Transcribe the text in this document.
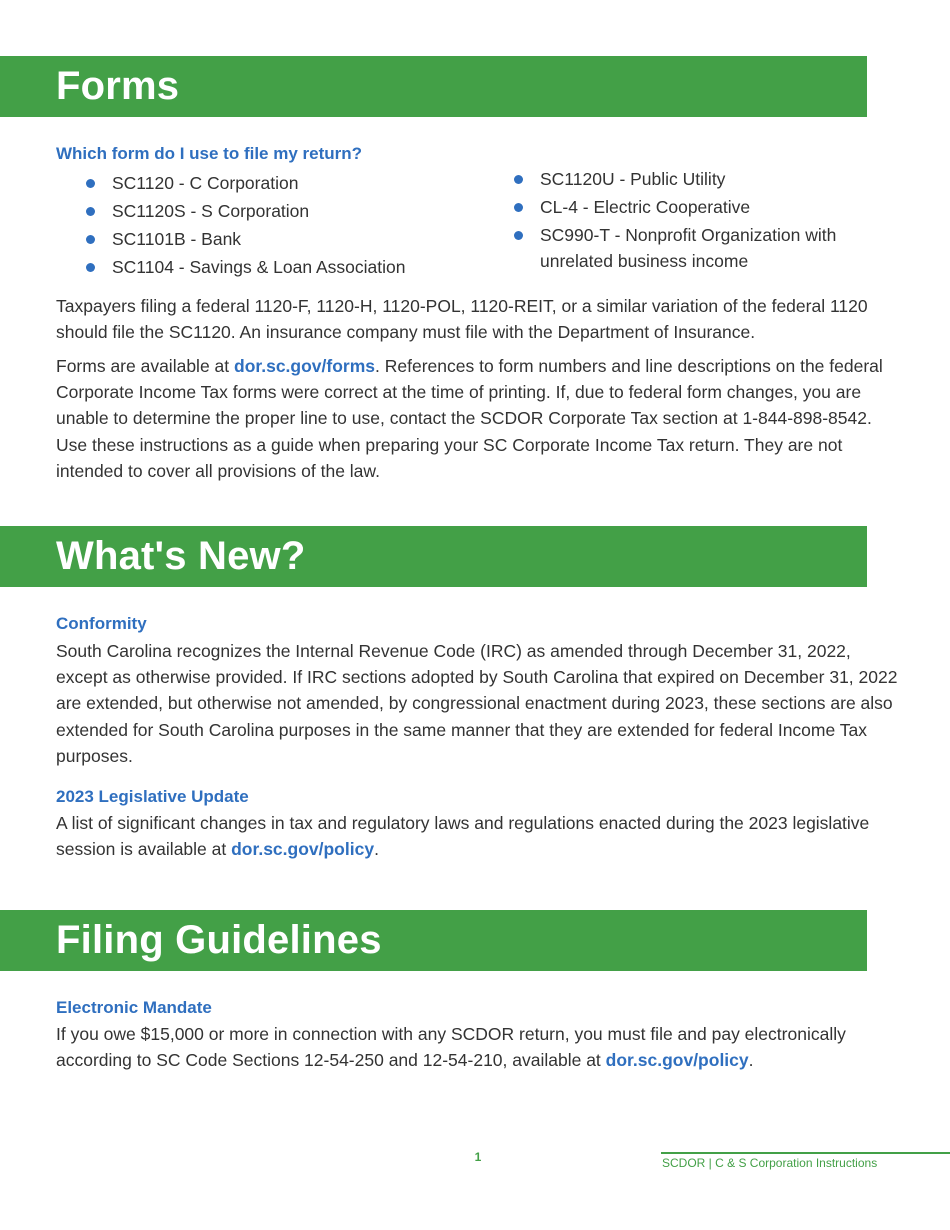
Forms

Which form do I use to file my return?

SC1120 - C Corporation
SC1120S - S Corporation
SC1101B - Bank
SC1104 - Savings & Loan Association
SC1120U - Public Utility
CL-4 - Electric Cooperative
SC990-T - Nonprofit Organization with unrelated business income

Taxpayers filing a federal 1120-F, 1120-H, 1120-POL, 1120-REIT, or a similar variation of the federal 1120 should file the SC1120. An insurance company must file with the Department of Insurance.

Forms are available at dor.sc.gov/forms. References to form numbers and line descriptions on the federal Corporate Income Tax forms were correct at the time of printing. If, due to federal form changes, you are unable to determine the proper line to use, contact the SCDOR Corporate Tax section at 1-844-898-8542. Use these instructions as a guide when preparing your SC Corporate Income Tax return. They are not intended to cover all provisions of the law.

What's New?

Conformity

South Carolina recognizes the Internal Revenue Code (IRC) as amended through December 31, 2022, except as otherwise provided. If IRC sections adopted by South Carolina that expired on December 31, 2022 are extended, but otherwise not amended, by congressional enactment during 2023, these sections are also extended for South Carolina purposes in the same manner that they are extended for federal Income Tax purposes.

2023 Legislative Update

A list of significant changes in tax and regulatory laws and regulations enacted during the 2023 legislative session is available at dor.sc.gov/policy.

Filing Guidelines

Electronic Mandate

If you owe $15,000 or more in connection with any SCDOR return, you must file and pay electronically according to SC Code Sections 12-54-250 and 12-54-210, available at dor.sc.gov/policy.

1	SCDOR | C & S Corporation Instructions
